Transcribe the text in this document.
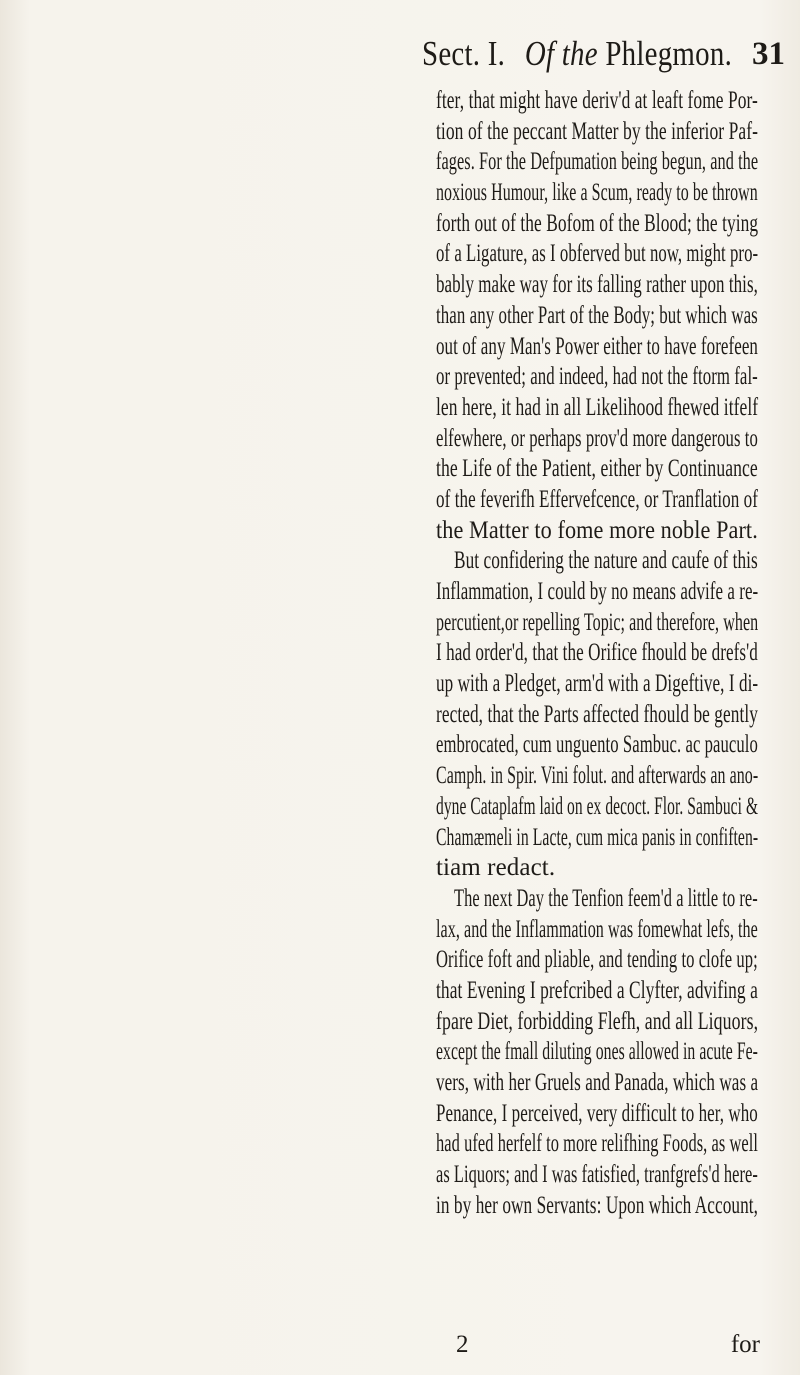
Sect. I. Of the Phlegmon. 31
fter, that might have deriv'd at leaft fome Por-
tion of the peccant Matter by the inferior Paf-
fages. For the Defpumation being begun, and the
noxious Humour, like a Scum, ready to be thrown
forth out of the Bofom of the Blood; the tying
of a Ligature, as I obferved but now, might pro-
bably make way for its falling rather upon this,
than any other Part of the Body; but which was
out of any Man's Power either to have forefeen
or prevented; and indeed, had not the ftorm fal-
len here, it had in all Likelihood fhewed itfelf
elfewhere, or perhaps prov'd more dangerous to
the Life of the Patient, either by Continuance
of the feverifh Effervefcence, or Tranflation of
the Matter to fome more noble Part.
But confidering the nature and caufe of this
Inflammation, I could by no means advife a re-
percutient,or repelling Topic; and therefore, when
I had order'd, that the Orifice fhould be drefs'd
up with a Pledget, arm'd with a Digeftive, I di-
rected, that the Parts affected fhould be gently
embrocated, cum unguento Sambuc. ac pauculo
Camph. in Spir. Vini folut. and afterwards an ano-
dyne Cataplafm laid on ex decoct. Flor. Sambuci &
Chamæmeli in Lacte, cum mica panis in confiften-
tiam redact.
The next Day the Tenfion feem'd a little to re-
lax, and the Inflammation was fomewhat lefs, the
Orifice foft and pliable, and tending to clofe up;
that Evening I prefcribed a Clyfter, advifing a
fpare Diet, forbidding Flefh, and all Liquors,
except the fmall diluting ones allowed in acute Fe-
vers, with her Gruels and Panada, which was a
Penance, I perceived, very difficult to her, who
had ufed herfelf to more relifhing Foods, as well
as Liquors; and I was fatisfied, tranfgrefs'd here-
in by her own Servants: Upon which Account,
2	for
